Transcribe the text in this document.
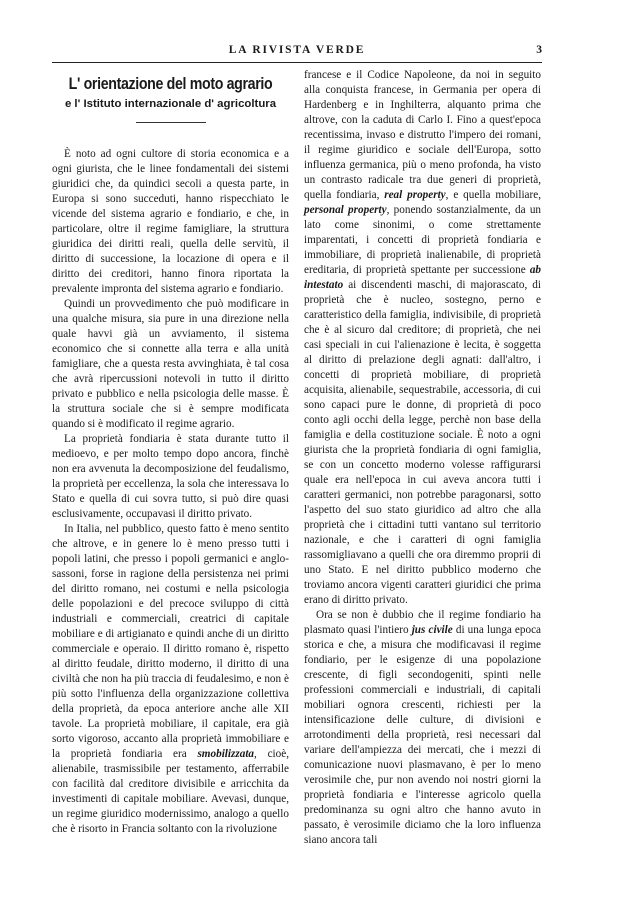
LA RIVISTA VERDE	3
L' orientazione del moto agrario
e l' Istituto internazionale d' agricoltura

È noto ad ogni cultore di storia economica e a ogni giurista, che le linee fondamentali dei sistemi giuridici che, da quindici secoli a questa parte, in Europa si sono succeduti, hanno rispecchiato le vicende del sistema agrario e fondiario, e che, in particolare, oltre il regime famigliare, la struttura giuridica dei diritti reali, quella delle servitù, il diritto di successione, la locazione di opera e il diritto dei creditori, hanno finora riportata la prevalente impronta del sistema agrario e fondiario.

Quindi un provvedimento che può modificare in una qualche misura, sia pure in una direzione nella quale havvi già un avviamento, il sistema economico che si connette alla terra e alla unità famigliare, che a questa resta avvinghiata, è tal cosa che avrà ripercussioni notevoli in tutto il diritto privato e pubblico e nella psicologia delle masse. È la struttura sociale che si è sempre modificata quando si è modificato il regime agrario.

La proprietà fondiaria è stata durante tutto il medioevo, e per molto tempo dopo ancora, finchè non era avvenuta la decomposizione del feudalismo, la proprietà per eccellenza, la sola che interessava lo Stato e quella di cui sovra tutto, si può dire quasi esclusivamente, occupavasi il diritto privato.

In Italia, nel pubblico, questo fatto è meno sentito che altrove, e in genere lo è meno presso tutti i popoli latini, che presso i popoli germanici e anglo-sassoni, forse in ragione della persistenza nei primi del diritto romano, nei costumi e nella psicologia delle popolazioni e del precoce sviluppo di città industriali e commerciali, creatrici di capitale mobiliare e di artigianato e quindi anche di un diritto commerciale e operaio. Il diritto romano è, rispetto al diritto feudale, diritto moderno, il diritto di una civiltà che non ha più traccia di feudalesimo, e non è più sotto l'influenza della organizzazione collettiva della proprietà, da epoca anteriore anche alle XII tavole. La proprietà mobiliare, il capitale, era già sorto vigoroso, accanto alla proprietà immobiliare e la proprietà fondiaria era smobilizzata, cioè, alienabile, trasmissibile per testamento, afferrabile con facilità dal creditore divisibile e arricchita da investimenti di capitale mobiliare. Avevasi, dunque, un regime giuridico modernissimo, analogo a quello che è risorto in Francia soltanto con la rivoluzione

francese e il Codice Napoleone, da noi in seguito alla conquista francese, in Germania per opera di Hardenberg e in Inghilterra, alquanto prima che altrove, con la caduta di Carlo I. Fino a quest'epoca recentissima, invaso e distrutto l'impero dei romani, il regime giuridico e sociale dell'Europa, sotto influenza germanica, più o meno profonda, ha visto un contrasto radicale tra due generi di proprietà, quella fondiaria, real property, e quella mobiliare, personal property, ponendo sostanzialmente, da un lato come sinonimi, o come strettamente imparentati, i concetti di proprietà fondiaria e immobiliare, di proprietà inalienabile, di proprietà ereditaria, di proprietà spettante per successione ab intestato ai discendenti maschi, di majorascato, di proprietà che è nucleo, sostegno, perno e caratteristico della famiglia, indivisibile, di proprietà che è al sicuro dal creditore; di proprietà, che nei casi speciali in cui l'alienazione è lecita, è soggetta al diritto di prelazione degli agnati: dall'altro, i concetti di proprietà mobiliare, di proprietà acquisita, alienabile, sequestrabile, accessoria, di cui sono capaci pure le donne, di proprietà di poco conto agli occhi della legge, perchè non base della famiglia e della costituzione sociale. È noto a ogni giurista che la proprietà fondiaria di ogni famiglia, se con un concetto moderno volesse raffigurarsi quale era nell'epoca in cui aveva ancora tutti i caratteri germanici, non potrebbe paragonarsi, sotto l'aspetto del suo stato giuridico ad altro che alla proprietà che i cittadini tutti vantano sul territorio nazionale, e che i caratteri di ogni famiglia rassomigliavano a quelli che ora diremmo proprii di uno Stato. E nel diritto pubblico moderno che troviamo ancora vigenti caratteri giuridici che prima erano di diritto privato.

Ora se non è dubbio che il regime fondiario ha plasmato quasi l'intiero jus civile di una lunga epoca storica e che, a misura che modificavasi il regime fondiario, per le esigenze di una popolazione crescente, di figli secondogeniti, spinti nelle professioni commerciali e industriali, di capitali mobiliari ognora crescenti, richiesti per la intensificazione delle culture, di divisioni e arrotondimenti della proprietà, resi necessari dal variare dell'ampiezza dei mercati, che i mezzi di comunicazione nuovi plasmavano, è per lo meno verosimile che, pur non avendo noi nostri giorni la proprietà fondiaria e l'interesse agricolo quella predominanza su ogni altro che hanno avuto in passato, è verosimile diciamo che la loro influenza siano ancora tali
